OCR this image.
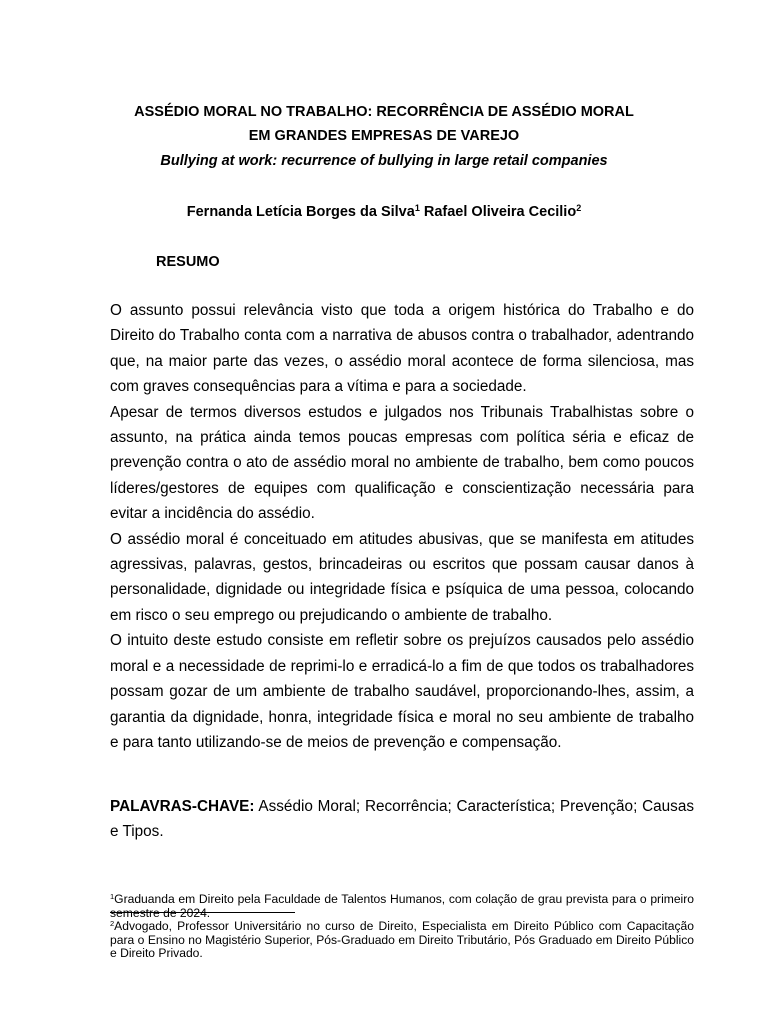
ASSÉDIO MORAL NO TRABALHO: RECORRÊNCIA DE ASSÉDIO MORAL
EM GRANDES EMPRESAS DE VAREJO
Bullying at work: recurrence of bullying in large retail companies
Fernanda Letícia Borges da Silva$^1$ Rafael Oliveira Cecilio$^2$
RESUMO

O assunto possui relevância visto que toda a origem histórica do Trabalho e do Direito do Trabalho conta com a narrativa de abusos contra o trabalhador, adentrando que, na maior parte das vezes, o assédio moral acontece de forma silenciosa, mas com graves consequências para a vítima e para a sociedade.

Apesar de termos diversos estudos e julgados nos Tribunais Trabalhistas sobre o assunto, na prática ainda temos poucas empresas com política séria e eficaz de prevenção contra o ato de assédio moral no ambiente de trabalho, bem como poucos líderes/gestores de equipes com qualificação e conscientização necessária para evitar a incidência do assédio.

O assédio moral é conceituado em atitudes abusivas, que se manifesta em atitudes agressivas, palavras, gestos, brincadeiras ou escritos que possam causar danos à personalidade, dignidade ou integridade física e psíquica de uma pessoa, colocando em risco o seu emprego ou prejudicando o ambiente de trabalho.

O intuito deste estudo consiste em refletir sobre os prejuízos causados pelo assédio moral e a necessidade de reprimi-lo e erradicá-lo a fim de que todos os trabalhadores possam gozar de um ambiente de trabalho saudável, proporcionando-lhes, assim, a garantia da dignidade, honra, integridade física e moral no seu ambiente de trabalho e para tanto utilizando-se de meios de prevenção e compensação.

PALAVRAS-CHAVE: Assédio Moral; Recorrência; Característica; Prevenção; Causas e Tipos.

$^1$Graduanda em Direito pela Faculdade de Talentos Humanos, com colação de grau prevista para o primeiro semestre de 2024.

$^2$Advogado, Professor Universitário no curso de Direito, Especialista em Direito Público com Capacitação para o Ensino no Magistério Superior, Pós-Graduado em Direito Tributário, Pós Graduado em Direito Público e Direito Privado.
